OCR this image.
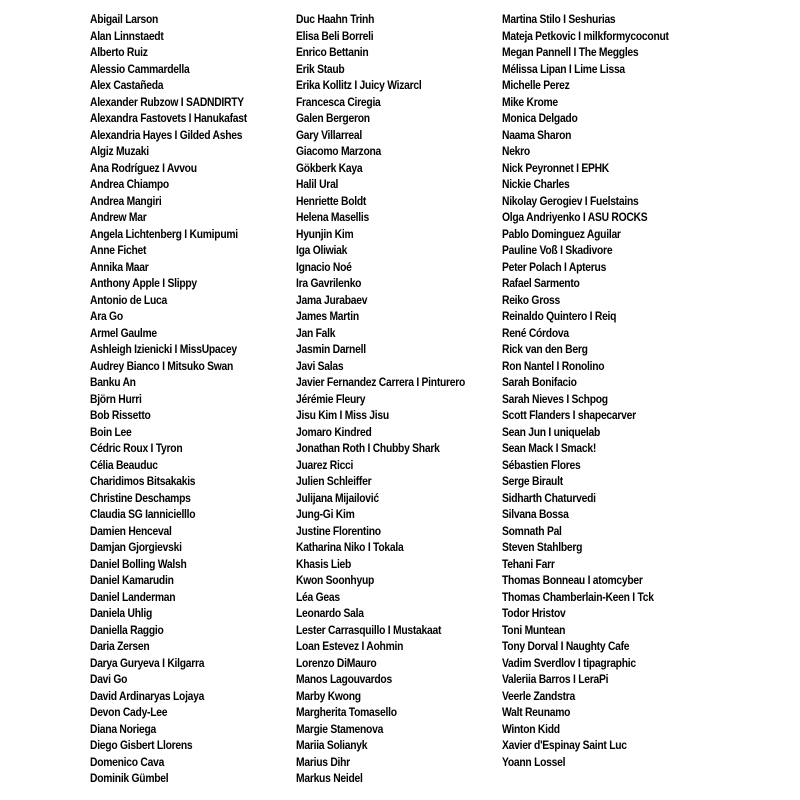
Abigail Larson
Alan Linnstaedt
Alberto Ruiz
Alessio Cammardella
Alex Castañeda
Alexander Rubzow I SADNDIRTY
Alexandra Fastovets I Hanukafast
Alexandria Hayes I Gilded Ashes
Algiz Muzaki
Ana Rodríguez I Avvou
Andrea Chiampo
Andrea Mangiri
Andrew Mar
Angela Lichtenberg I Kumipumi
Anne Fichet
Annika Maar
Anthony Apple I Slippy
Antonio de Luca
Ara Go
Armel Gaulme
Ashleigh Izienicki I MissUpacey
Audrey Bianco I Mitsuko Swan
Banku An
Björn Hurri
Bob Rissetto
Boin Lee
Cédric Roux I Tyron
Célia Beauduc
Charidimos Bitsakakis
Christine Deschamps
Claudia SG Iannicielllo
Damien Henceval
Damjan Gjorgievski
Daniel Bolling Walsh
Daniel Kamarudin
Daniel Landerman
Daniela Uhlig
Daniella Raggio
Daria Zersen
Darya Guryeva I Kilgarra
Davi Go
David Ardinaryas Lojaya
Devon Cady-Lee
Diana Noriega
Diego Gisbert Llorens
Domenico Cava
Dominik Gümbel
Duc Haahn Trinh
Elisa Beli Borreli
Enrico Bettanin
Erik Staub
Erika Kollitz I Juicy Wizarcl
Francesca Ciregia
Galen Bergeron
Gary Villarreal
Giacomo Marzona
Gökberk Kaya
Halil Ural
Henriette Boldt
Helena Masellis
Hyunjin Kim
Iga Oliwiak
Ignacio Noé
Ira Gavrilenko
Jama Jurabaev
James Martin
Jan Falk
Jasmin Darnell
Javi Salas
Javier Fernandez Carrera I Pinturero
Jérémie Fleury
Jisu Kim I Miss Jisu
Jomaro Kindred
Jonathan Roth I Chubby Shark
Juarez Ricci
Julien Schleiffer
Julijana Mijailović
Jung-Gi Kim
Justine Florentino
Katharina Niko I Tokala
Khasis Lieb
Kwon Soonhyup
Léa Geas
Leonardo Sala
Lester Carrasquillo I Mustakaat
Loan Estevez I Aohmin
Lorenzo DiMauro
Manos Lagouvardos
Marby Kwong
Margherita Tomasello
Margie Stamenova
Mariia Solianyk
Marius Dihr
Markus Neidel
Martina Stilo I Seshurias
Mateja Petkovic I milkformycoconut
Megan Pannell I The Meggles
Mélissa Lipan I Lime Lissa
Michelle Perez
Mike Krome
Monica Delgado
Naama Sharon
Nekro
Nick Peyronnet I EPHK
Nickie Charles
Nikolay Gerogiev I Fuelstains
Olga Andriyenko I ASU ROCKS
Pablo Dominguez Aguilar
Pauline Voß I Skadivore
Peter Polach I Apterus
Rafael Sarmento
Reiko Gross
Reinaldo Quintero I Reiq
René Córdova
Rick van den Berg
Ron Nantel I Ronolino
Sarah Bonifacio
Sarah Nieves I Schpog
Scott Flanders I shapecarver
Sean Jun I uniquelab
Sean Mack I Smack!
Sébastien Flores
Serge Birault
Sidharth Chaturvedi
Silvana Bossa
Somnath Pal
Steven Stahlberg
Tehani Farr
Thomas Bonneau I atomcyber
Thomas Chamberlain-Keen I Tck
Todor Hristov
Toni Muntean
Tony Dorval I Naughty Cafe
Vadim Sverdlov I tipagraphic
Valeriia Barros I LeraPi
Veerle Zandstra
Walt Reunamo
Winton Kidd
Xavier d'Espinay Saint Luc
Yoann Lossel
